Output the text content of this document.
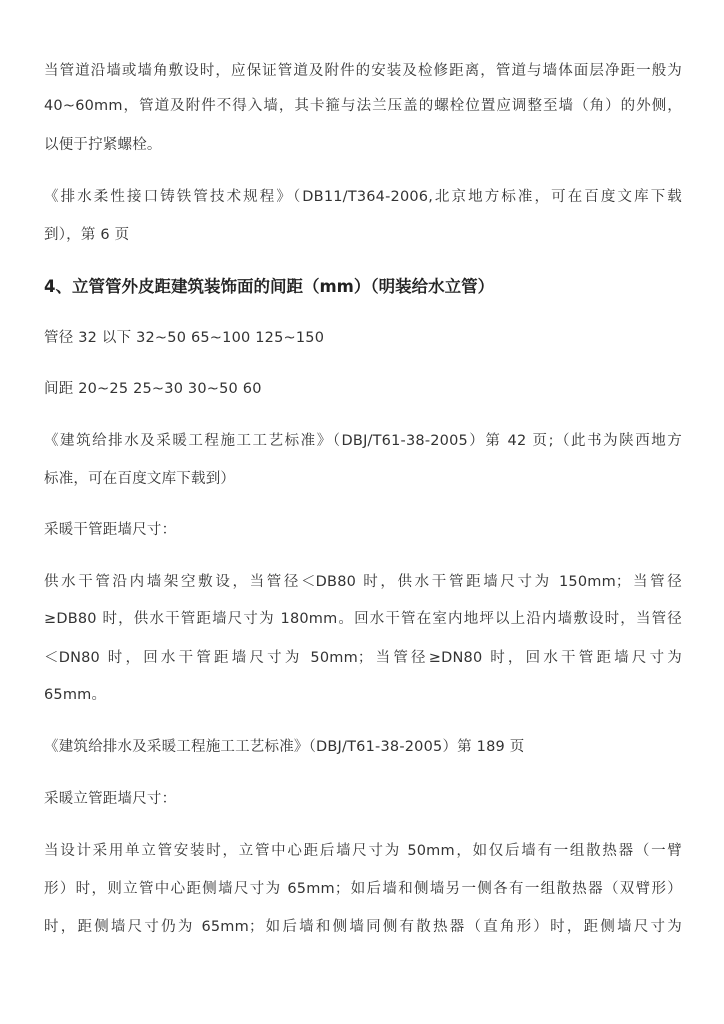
当管道沿墙或墙角敷设时，应保证管道及附件的安装及检修距离，管道与墙体面层净距一般为
40~60mm，管道及附件不得入墙，其卡箍与法兰压盖的螺栓位置应调整至墙（角）的外侧，
以便于拧紧螺栓。
《排水柔性接口铸铁管技术规程》（DB11/T364-2006,北京地方标准，可在百度文库下载
到），第 6 页
4、立管管外皮距建筑装饰面的间距（mm）（明装给水立管）
管径 32 以下 32~50 65~100 125~150
间距 20~25 25~30 30~50 60
《建筑给排水及采暖工程施工工艺标准》（DBJ/T61-38-2005）第 42 页;（此书为陕西地方
标准，可在百度文库下载到）
采暖干管距墙尺寸：
供水干管沿内墙架空敷设，当管径＜DB80 时，供水干管距墙尺寸为 150mm；当管径
≥DB80 时，供水干管距墙尺寸为 180mm。回水干管在室内地坪以上沿内墙敷设时，当管径
＜DN80 时，回水干管距墙尺寸为 50mm；当管径≥DN80 时，回水干管距墙尺寸为
65mm。
《建筑给排水及采暖工程施工工艺标准》（DBJ/T61-38-2005）第 189 页
采暖立管距墙尺寸：
当设计采用单立管安装时，立管中心距后墙尺寸为 50mm，如仅后墙有一组散热器（一臂
形）时，则立管中心距侧墙尺寸为 65mm；如后墙和侧墙另一侧各有一组散热器（双臂形）
时，距侧墙尺寸仍为 65mm；如后墙和侧墙同侧有散热器（直角形）时，距侧墙尺寸为
